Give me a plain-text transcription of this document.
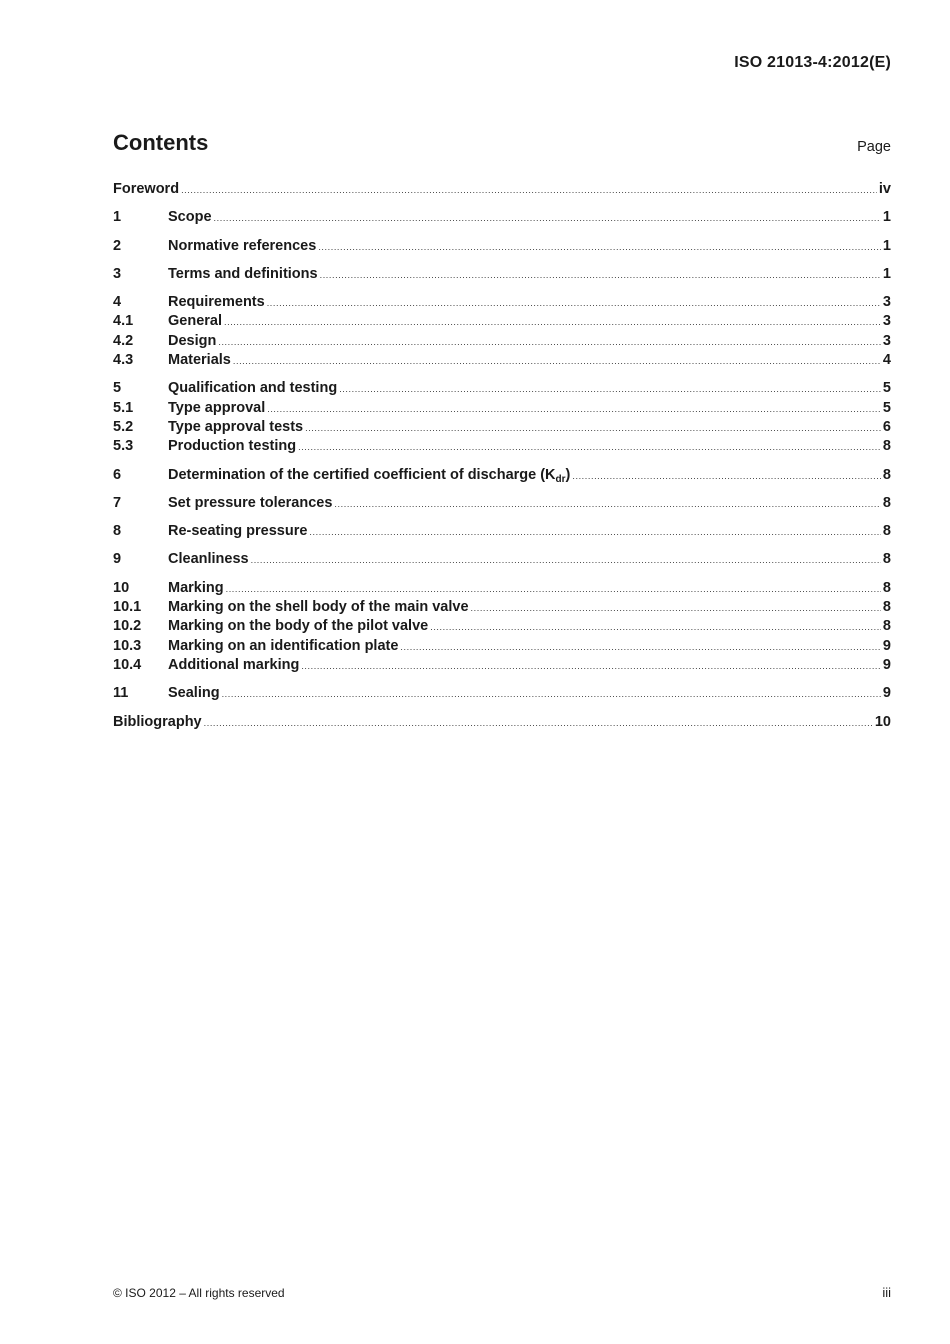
ISO 21013-4:2012(E)
Contents	Page
Foreword .....	iv
1	Scope .....	1
2	Normative references .....	1
3	Terms and definitions .....	1
4	Requirements .....	3
4.1	General .....	3
4.2	Design .....	3
4.3	Materials .....	4
5	Qualification and testing .....	5
5.1	Type approval .....	5
5.2	Type approval tests .....	6
5.3	Production testing .....	8
6	Determination of the certified coefficient of discharge $(K_{dr})$ .....	8
7	Set pressure tolerances .....	8
8	Re-seating pressure .....	8
9	Cleanliness .....	8
10	Marking .....	8
10.1	Marking on the shell body of the main valve .....	8
10.2	Marking on the body of the pilot valve .....	8
10.3	Marking on an identification plate .....	9
10.4	Additional marking .....	9
11	Sealing .....	9
Bibliography .....	10
© ISO 2012 – All rights reserved	iii
